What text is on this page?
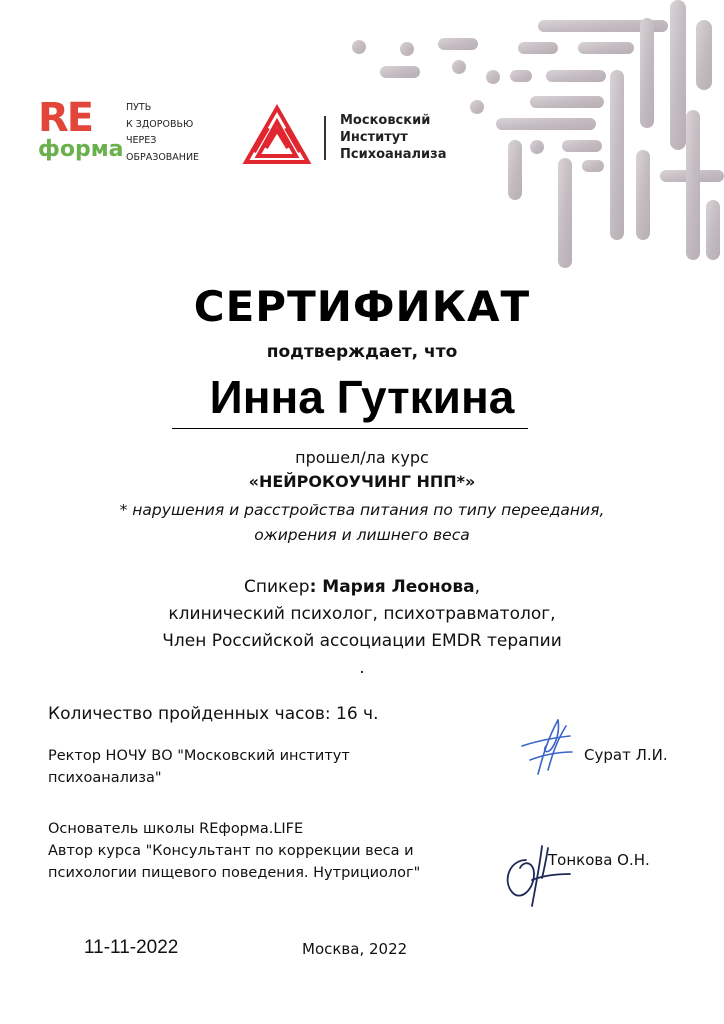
RE
форма
ПУТЬ
К ЗДОРОВЬЮ
ЧЕРЕЗ
ОБРАЗОВАНИЕ
Московский
Институт
Психоанализа
СЕРТИФИКАТ
подтверждает, что
Инна Гуткина
прошел/ла курс
«НЕЙРОКОУЧИНГ НПП*»
* нарушения и расстройства питания по типу переедания,
ожирения и лишнего веса
Спикер: Мария Леонова,
клинический психолог, психотравматолог,
Член Российской ассоциации EMDR терапии
.
Количество пройденных часов: 16 ч.
Ректор НОЧУ ВО "Московский институт
психоанализа"
Сурат Л.И.
Основатель школы REформа.LIFE
Автор курса "Консультант по коррекции веса и
психологии пищевого поведения. Нутрициолог"
Тонкова О.Н.
11-11-2022	Москва, 2022
